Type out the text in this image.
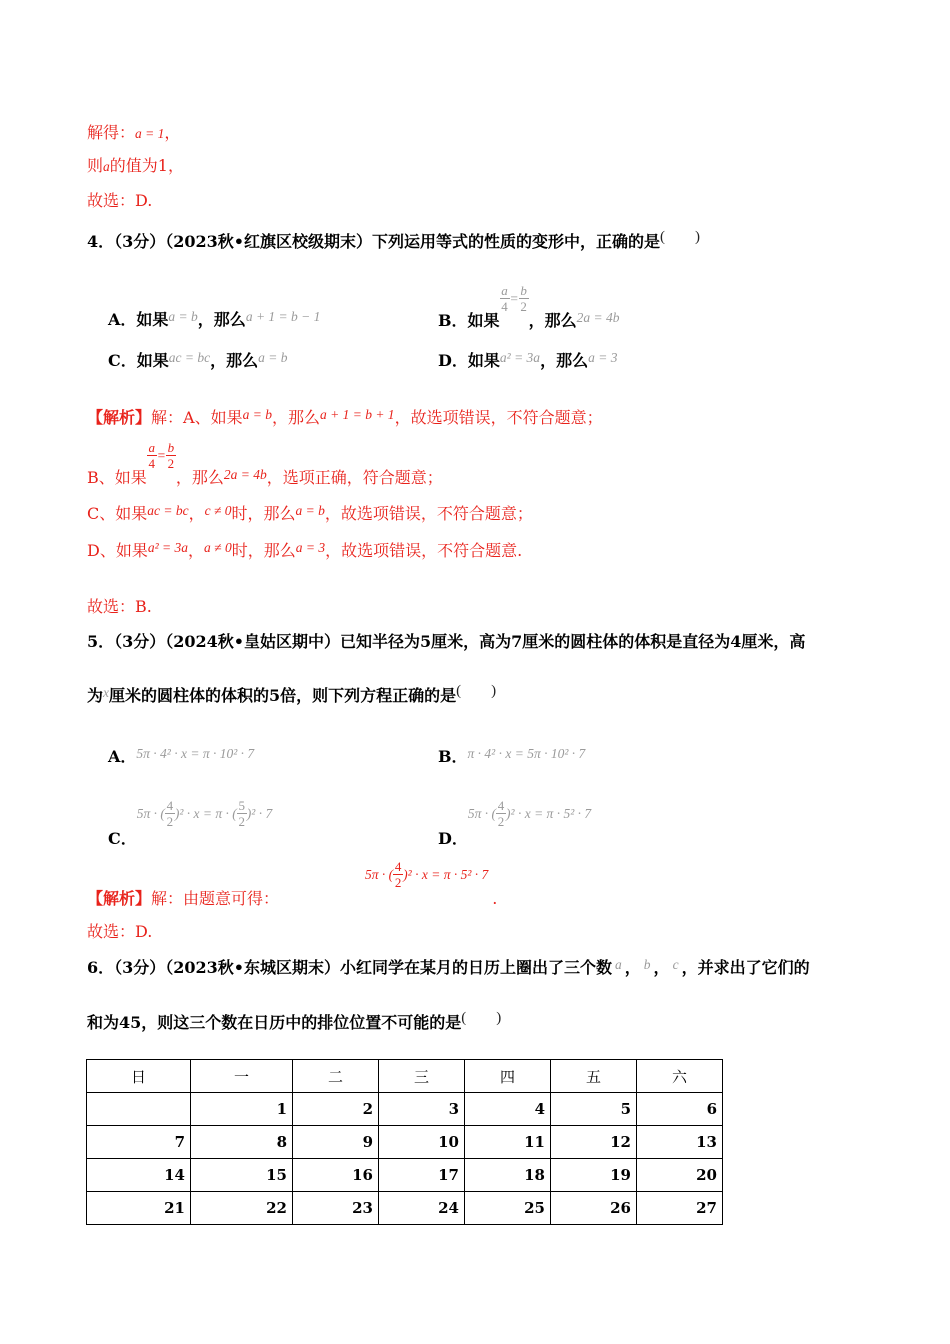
解得：a = 1，
则a的值为1，
故选：D.
4．（3分）（2023秋•红旗区校级期末）下列运用等式的性质的变形中，正确的是(　　)
A．如果$^{a = b}$，那么$^{a + 1 = b - 1}$	B．如果
$\frac{a}{4} = \frac{b}{2}$
，那么$_{2a = 4b}$
C．如果$^{ac = bc}$，那么$^{a = b}$	D．如果$^{a^2 = 3a}$，那么$^{a = 3}$
【解析】解：A、如果$^{a = b}$，那么$^{a + 1 = b + 1}$，故选项错误，不符合题意；
B、如果
$\frac{a}{4} = \frac{b}{2}$
，那么$_{2a = 4b}$，选项正确，符合题意；
C、如果$^{ac = bc}$，$^{c \ne 0}$时，那么$^{a = b}$，故选项错误，不符合题意；
D、如果$^{a^2 = 3a}$，$^{a \ne 0}$时，那么$^{a = 3}$，故选项错误，不符合题意.
故选：B.
5．（3分）（2024秋•皇姑区期中）已知半径为5厘米，高为7厘米的圆柱体的体积是直径为4厘米，高
为$^x$厘米的圆柱体的体积的5倍，则下列方程正确的是(　　)
A．$^{5\pi \cdot 4^2 \cdot x = \pi \cdot 10^2 \cdot 7}$	B．$^{\pi \cdot 4^2 \cdot x = 5\pi \cdot 10^2 \cdot 7}$
C．5π · ( $\frac{4}{2} )^2 \cdot x = \pi$ · ( $\frac{5}{2} )^2 \cdot 7$
D．5π · ( $\frac{4}{2} )^2 \cdot x = \pi \cdot 5^2 \cdot 7$
【解析】解：由题意可得：5π · ( $\frac{4}{2} )^2 \cdot x = \pi \cdot 5^2 \cdot 7$.
故选：D.
6．（3分）（2023秋•东城区期末）小红同学在某月的日历上圈出了三个数 $^a$ ， $^b$ ， $^c$ ，并求出了它们的
和为45，则这三个数在日历中的排位位置不可能的是(　　)
日	一	二	三	四	五	六
	1	2	3	4	5	6
7	8	9	10	11	12	13
14	15	16	17	18	19	20
21	22	23	24	25	26	27
